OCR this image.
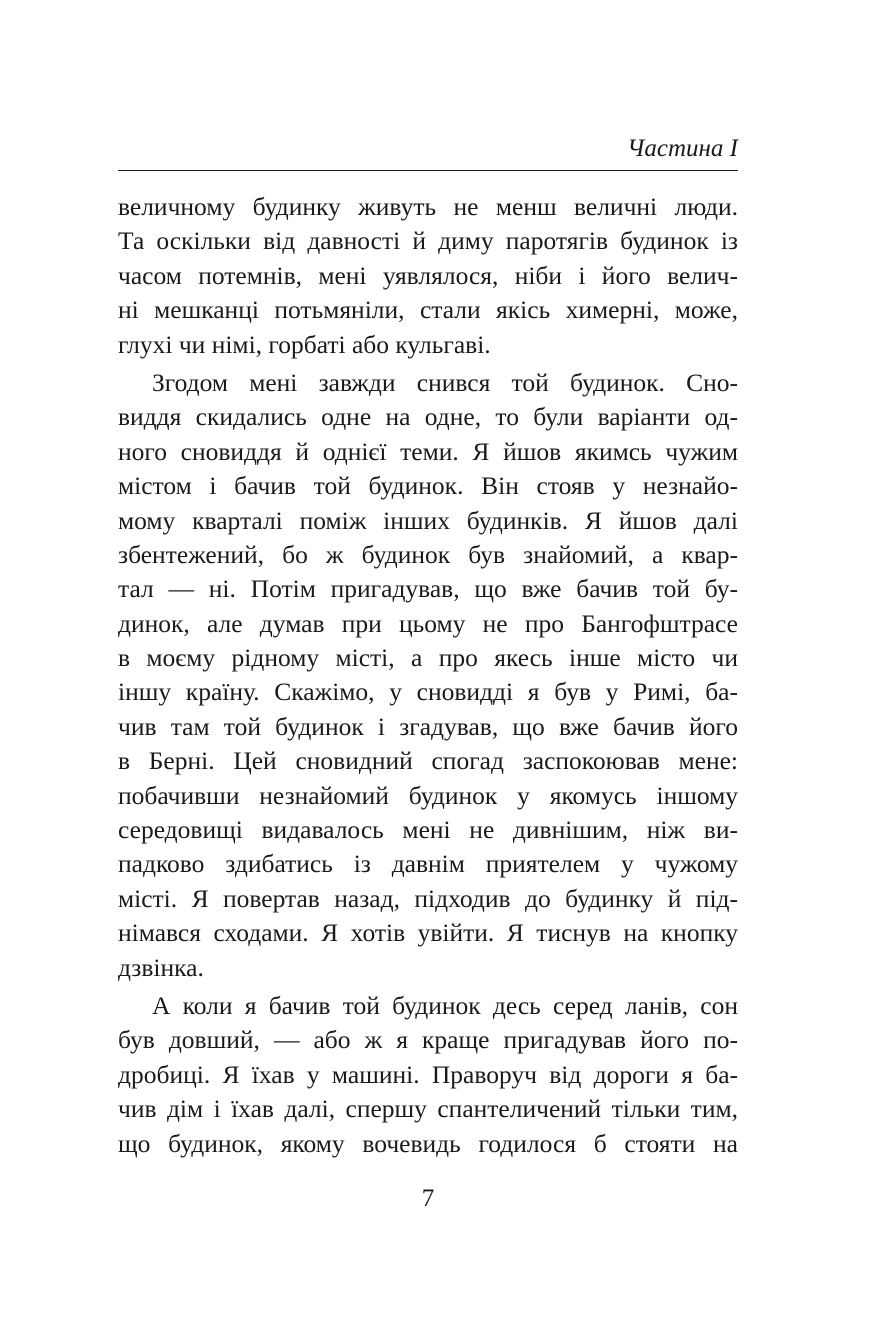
Частина І
величному будинку живуть не менш величні люди.
Та оскільки від давності й диму паротягів будинок із
часом потемнів, мені уявлялося, ніби і його велич-
ні мешканці потьмяніли, стали якісь химерні, може,
глухі чи німі, горбаті або кульгаві.
Згодом мені завжди снився той будинок. Сно-
виддя скидались одне на одне, то були варіанти од-
ного сновиддя й однієї теми. Я йшов якимсь чужим
містом і бачив той будинок. Він стояв у незнайо-
мому кварталі поміж інших будинків. Я йшов далі
збентежений, бо ж будинок був знайомий, а квар-
тал — ні. Потім пригадував, що вже бачив той бу-
динок, але думав при цьому не про Бангофштрасе
в моєму рідному місті, а про якесь інше місто чи
іншу країну. Скажімо, у сновидді я був у Римі, ба-
чив там той будинок і згадував, що вже бачив його
в Берні. Цей сновидний спогад заспокоював мене:
побачивши незнайомий будинок у якомусь іншому
середовищі видавалось мені не дивнішим, ніж ви-
падково здибатись із давнім приятелем у чужому
місті. Я повертав назад, підходив до будинку й під-
німався сходами. Я хотів увійти. Я тиснув на кнопку
дзвінка.
А коли я бачив той будинок десь серед ланів, сон
був довший, — або ж я краще пригадував його по-
дробиці. Я їхав у машині. Праворуч від дороги я ба-
чив дім і їхав далі, спершу спантеличений тільки тим,
що будинок, якому вочевидь годилося б стояти на
7
